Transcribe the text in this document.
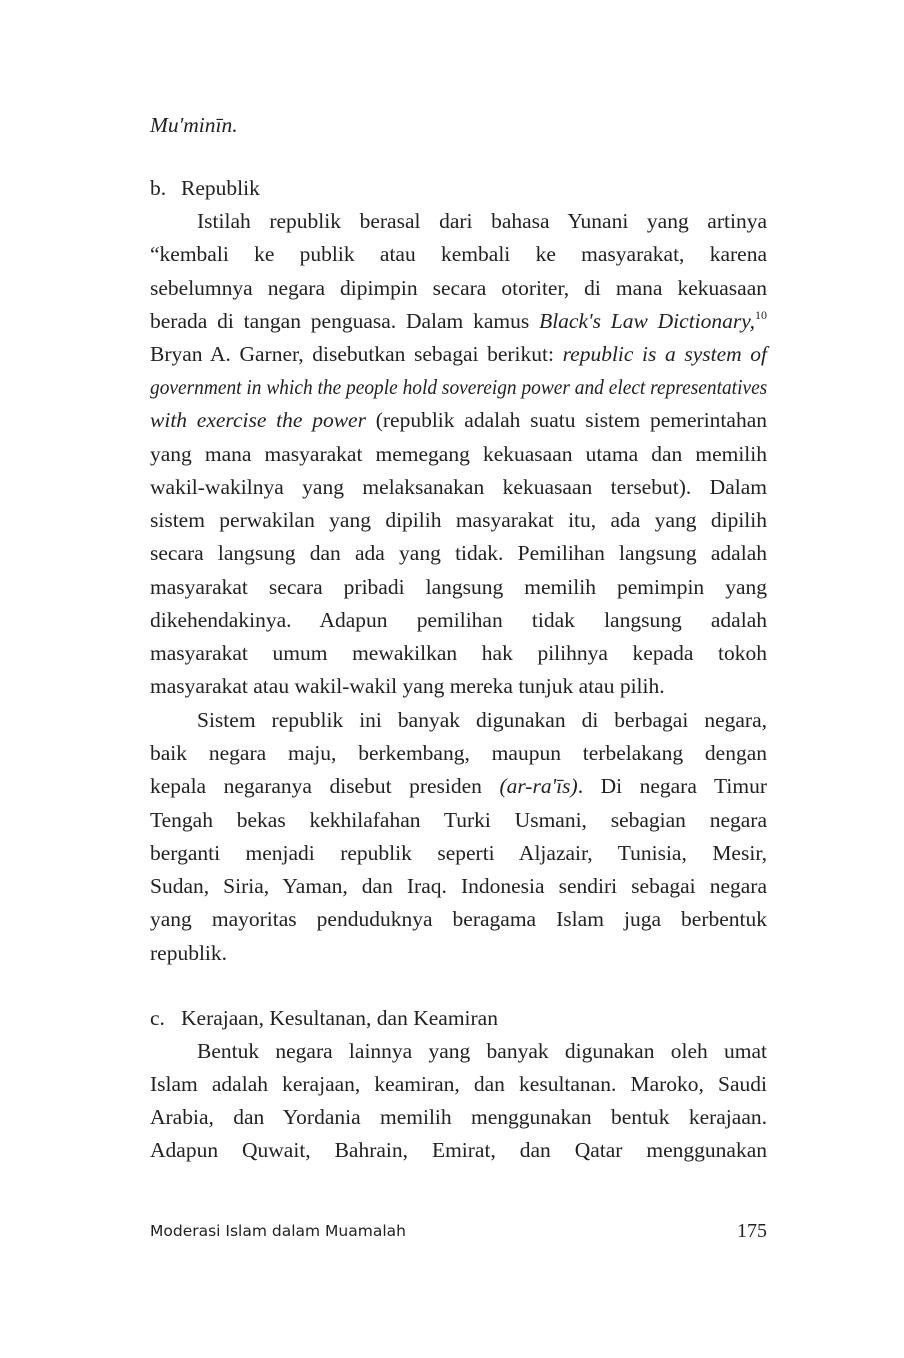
Mu'minīn.
b. Republik
Istilah republik berasal dari bahasa Yunani yang artinya
“kembali ke publik atau kembali ke masyarakat, karena
sebelumnya negara dipimpin secara otoriter, di mana kekuasaan
berada di tangan penguasa. Dalam kamus Black's Law Dictionary,$^{10}$
Bryan A. Garner, disebutkan sebagai berikut: republic is a system of
government in which the people hold sovereign power and elect representatives
with exercise the power (republik adalah suatu sistem pemerintahan
yang mana masyarakat memegang kekuasaan utama dan memilih
wakil-wakilnya yang melaksanakan kekuasaan tersebut). Dalam
sistem perwakilan yang dipilih masyarakat itu, ada yang dipilih
secara langsung dan ada yang tidak. Pemilihan langsung adalah
masyarakat secara pribadi langsung memilih pemimpin yang
dikehendakinya. Adapun pemilihan tidak langsung adalah
masyarakat umum mewakilkan hak pilihnya kepada tokoh
masyarakat atau wakil-wakil yang mereka tunjuk atau pilih.
Sistem republik ini banyak digunakan di berbagai negara,
baik negara maju, berkembang, maupun terbelakang dengan
kepala negaranya disebut presiden (ar-ra'īs). Di negara Timur
Tengah bekas kekhilafahan Turki Usmani, sebagian negara
berganti menjadi republik seperti Aljazair, Tunisia, Mesir,
Sudan, Siria, Yaman, dan Iraq. Indonesia sendiri sebagai negara
yang mayoritas penduduknya beragama Islam juga berbentuk
republik.
c. Kerajaan, Kesultanan, dan Keamiran
Bentuk negara lainnya yang banyak digunakan oleh umat
Islam adalah kerajaan, keamiran, dan kesultanan. Maroko, Saudi
Arabia, dan Yordania memilih menggunakan bentuk kerajaan.
Adapun Quwait, Bahrain, Emirat, dan Qatar menggunakan
Moderasi Islam dalam Muamalah	175
